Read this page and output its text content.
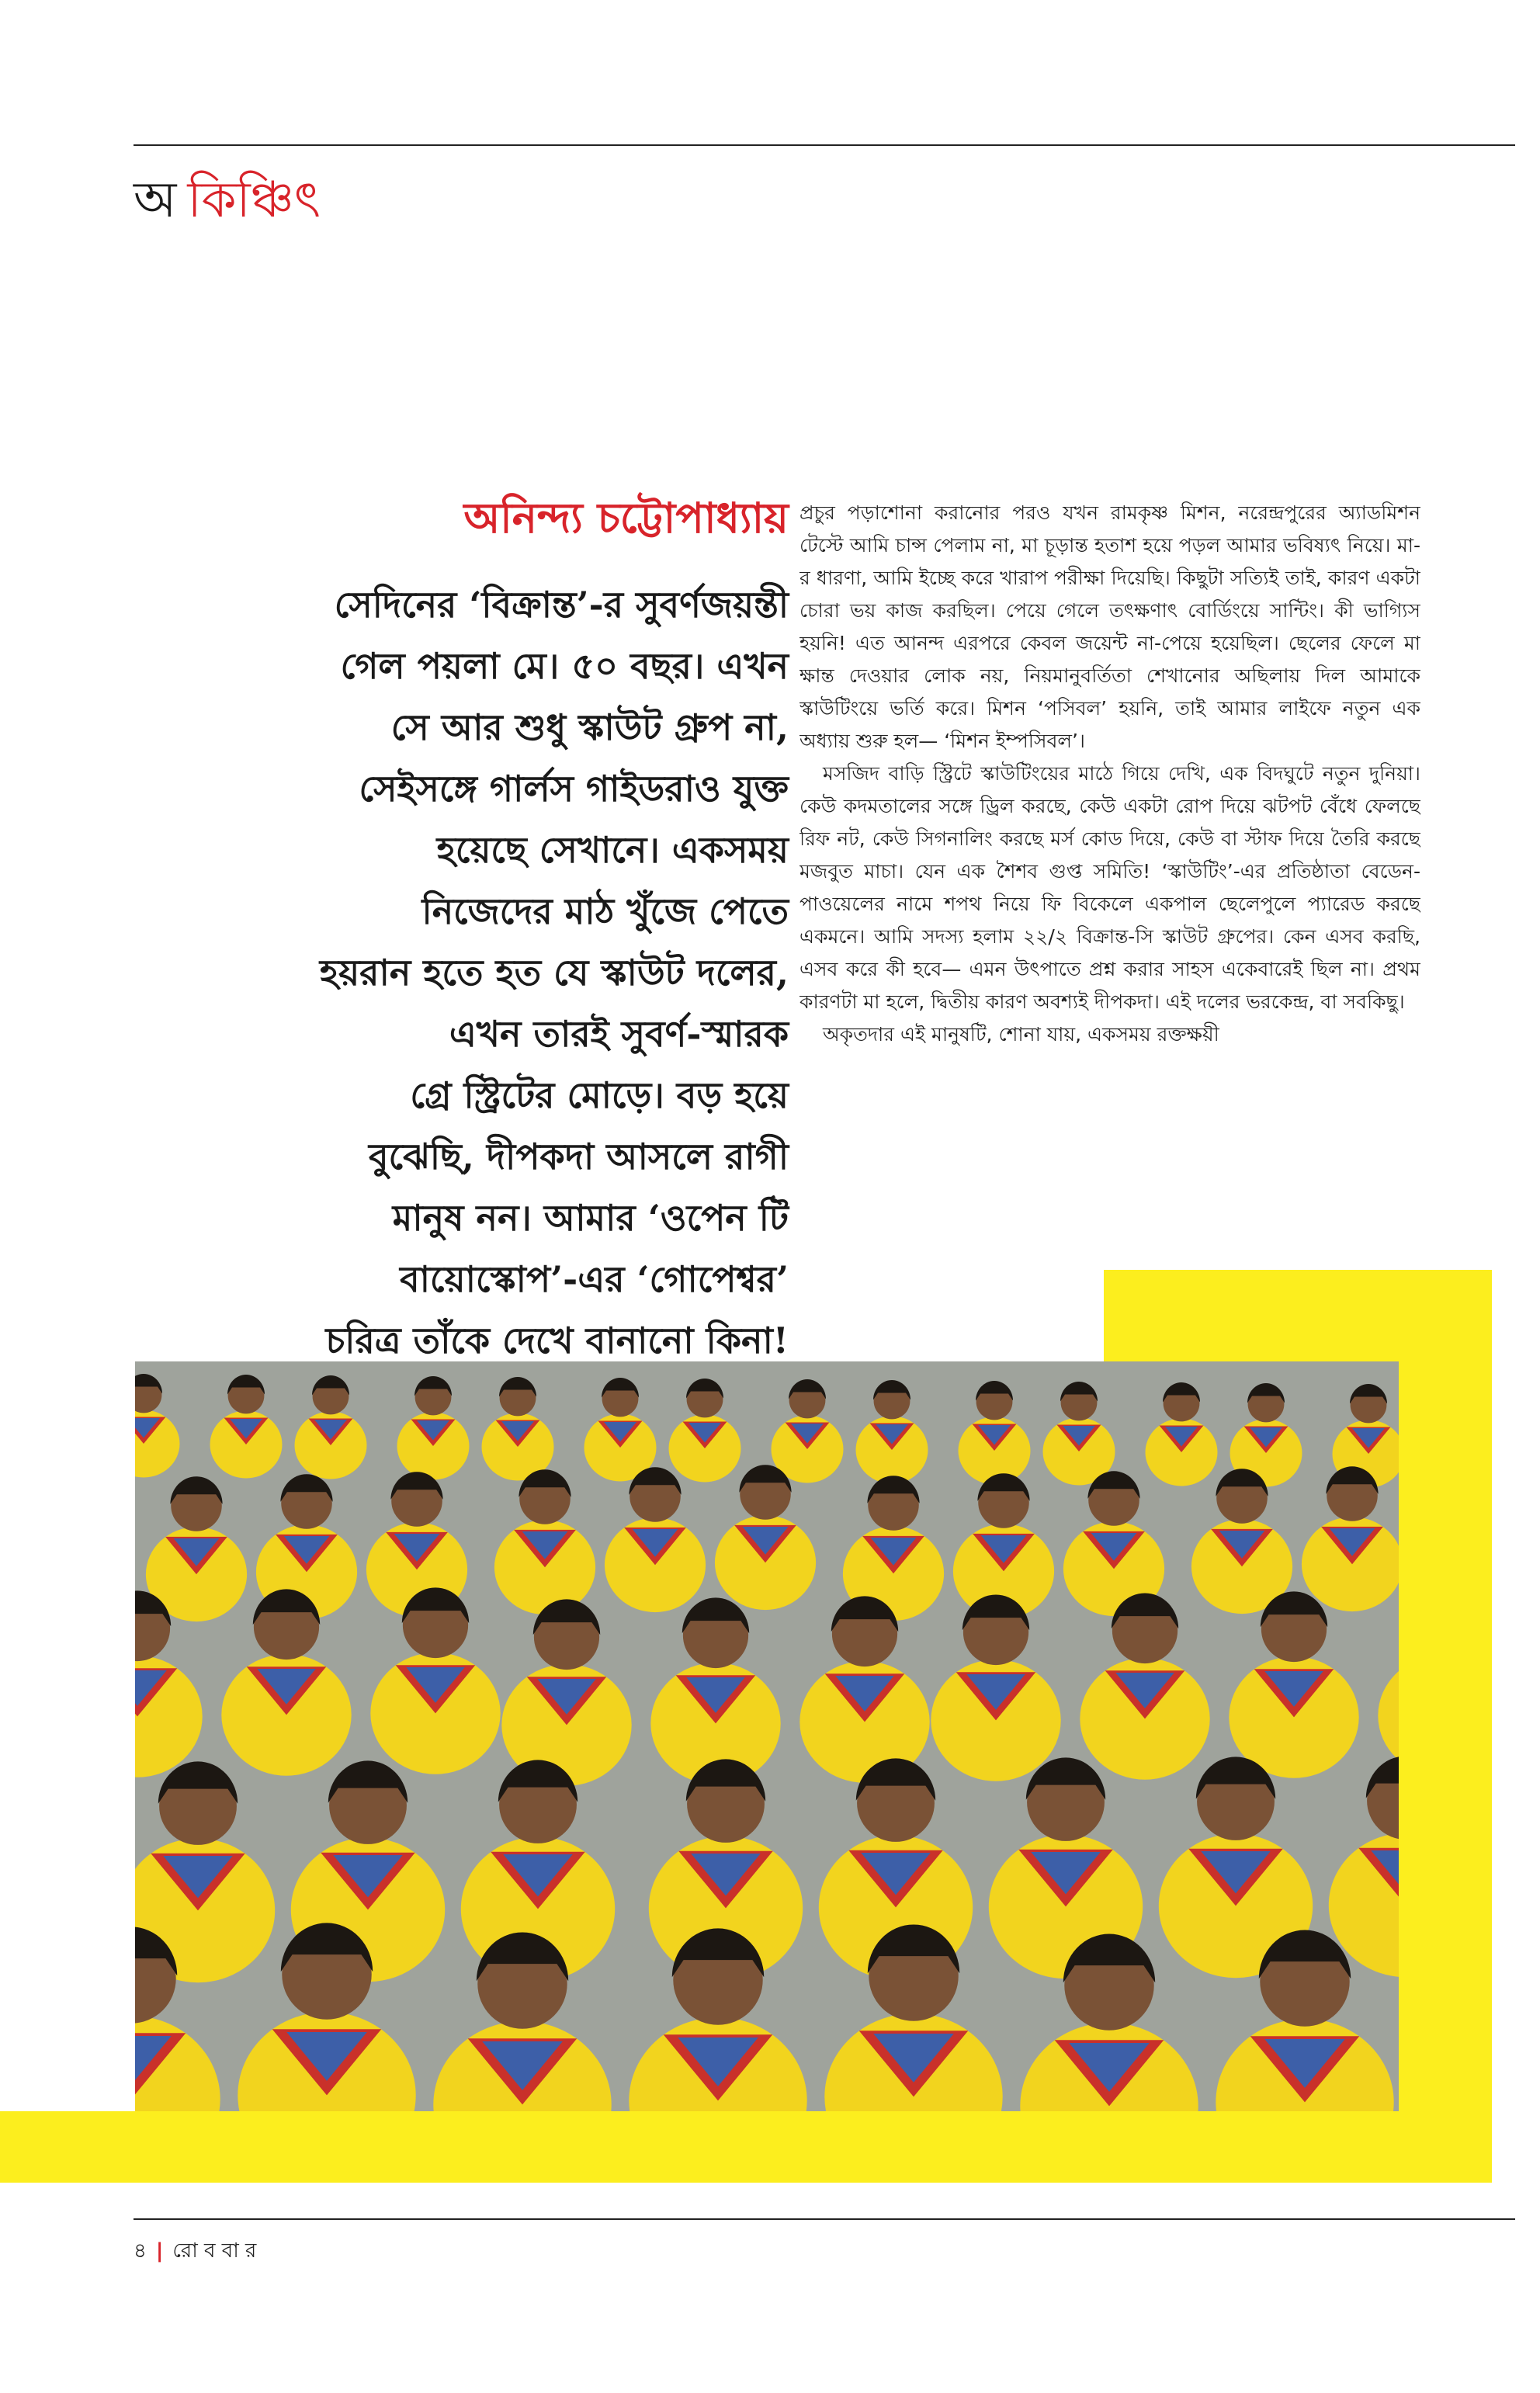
অ কিঞ্চিৎ
অনিন্দ্য চট্টোপাধ্যায়
সেদিনের ‘বিক্রান্ত’-র সুবর্ণজয়ন্তী
গেল পয়লা মে। ৫০ বছর। এখন
সে আর শুধু স্কাউট গ্রুপ না,
সেইসঙ্গে গার্লস গাইডরাও যুক্ত
হয়েছে সেখানে। একসময়
নিজেদের মাঠ খুঁজে পেতে
হয়রান হতে হত যে স্কাউট দলের,
এখন তারই সুবর্ণ-স্মারক
গ্রে স্ট্রিটের মোড়ে। বড় হয়ে
বুঝেছি, দীপকদা আসলে রাগী
মানুষ নন। আমার ‘ওপেন টি
বায়োস্কোপ’-এর ‘গোপেশ্বর’
চরিত্র তাঁকে দেখে বানানো কিনা!

প্রচুর পড়াশোনা করানোর পরও যখন রামকৃষ্ণ মিশন, নরেন্দ্রপুরের অ্যাডমিশন টেস্টে আমি চান্স পেলাম না, মা চূড়ান্ত হতাশ হয়ে পড়ল আমার ভবিষ্যৎ নিয়ে। মা-র ধারণা, আমি ইচ্ছে করে খারাপ পরীক্ষা দিয়েছি। কিছুটা সত্যিই তাই, কারণ একটা চোরা ভয় কাজ করছিল। পেয়ে গেলে তৎক্ষণাৎ বোর্ডিংয়ে সান্টিং। কী ভাগ্যিস হয়নি! এত আনন্দ এরপরে কেবল জয়েন্ট না-পেয়ে হয়েছিল। ছেলের ফেলে মা ক্ষান্ত দেওয়ার লোক নয়, নিয়মানুবর্তিতা শেখানোর অছিলায় দিল আমাকে স্কাউটিংয়ে ভর্তি করে। মিশন ‘পসিবল’ হয়নি, তাই আমার লাইফে নতুন এক অধ্যায় শুরু হল— ‘মিশন ইম্পসিবল’।

মসজিদ বাড়ি স্ট্রিটে স্কাউটিংয়ের মাঠে গিয়ে দেখি, এক বিদঘুটে নতুন দুনিয়া। কেউ কদমতালের সঙ্গে ড্রিল করছে, কেউ একটা রোপ দিয়ে ঝটপট বেঁধে ফেলছে রিফ নট, কেউ সিগনালিং করছে মর্স কোড দিয়ে, কেউ বা স্টাফ দিয়ে তৈরি করছে মজবুত মাচা। যেন এক শৈশব গুপ্ত সমিতি! ‘স্কাউটিং’-এর প্রতিষ্ঠাতা বেডেন-পাওয়েলের নামে শপথ নিয়ে ফি বিকেলে একপাল ছেলেপুলে প্যারেড করছে একমনে। আমি সদস্য হলাম ২২/২ বিক্রান্ত-সি স্কাউট গ্রুপের। কেন এসব করছি, এসব করে কী হবে— এমন উৎপাতে প্রশ্ন করার সাহস একেবারেই ছিল না। প্রথম কারণটা মা হলে, দ্বিতীয় কারণ অবশ্যই দীপকদা। এই দলের ভরকেন্দ্র, বা সবকিছু।

অকৃতদার এই মানুষটি, শোনা যায়, একসময় রক্তক্ষয়ী

৪ | রো ব বা র
